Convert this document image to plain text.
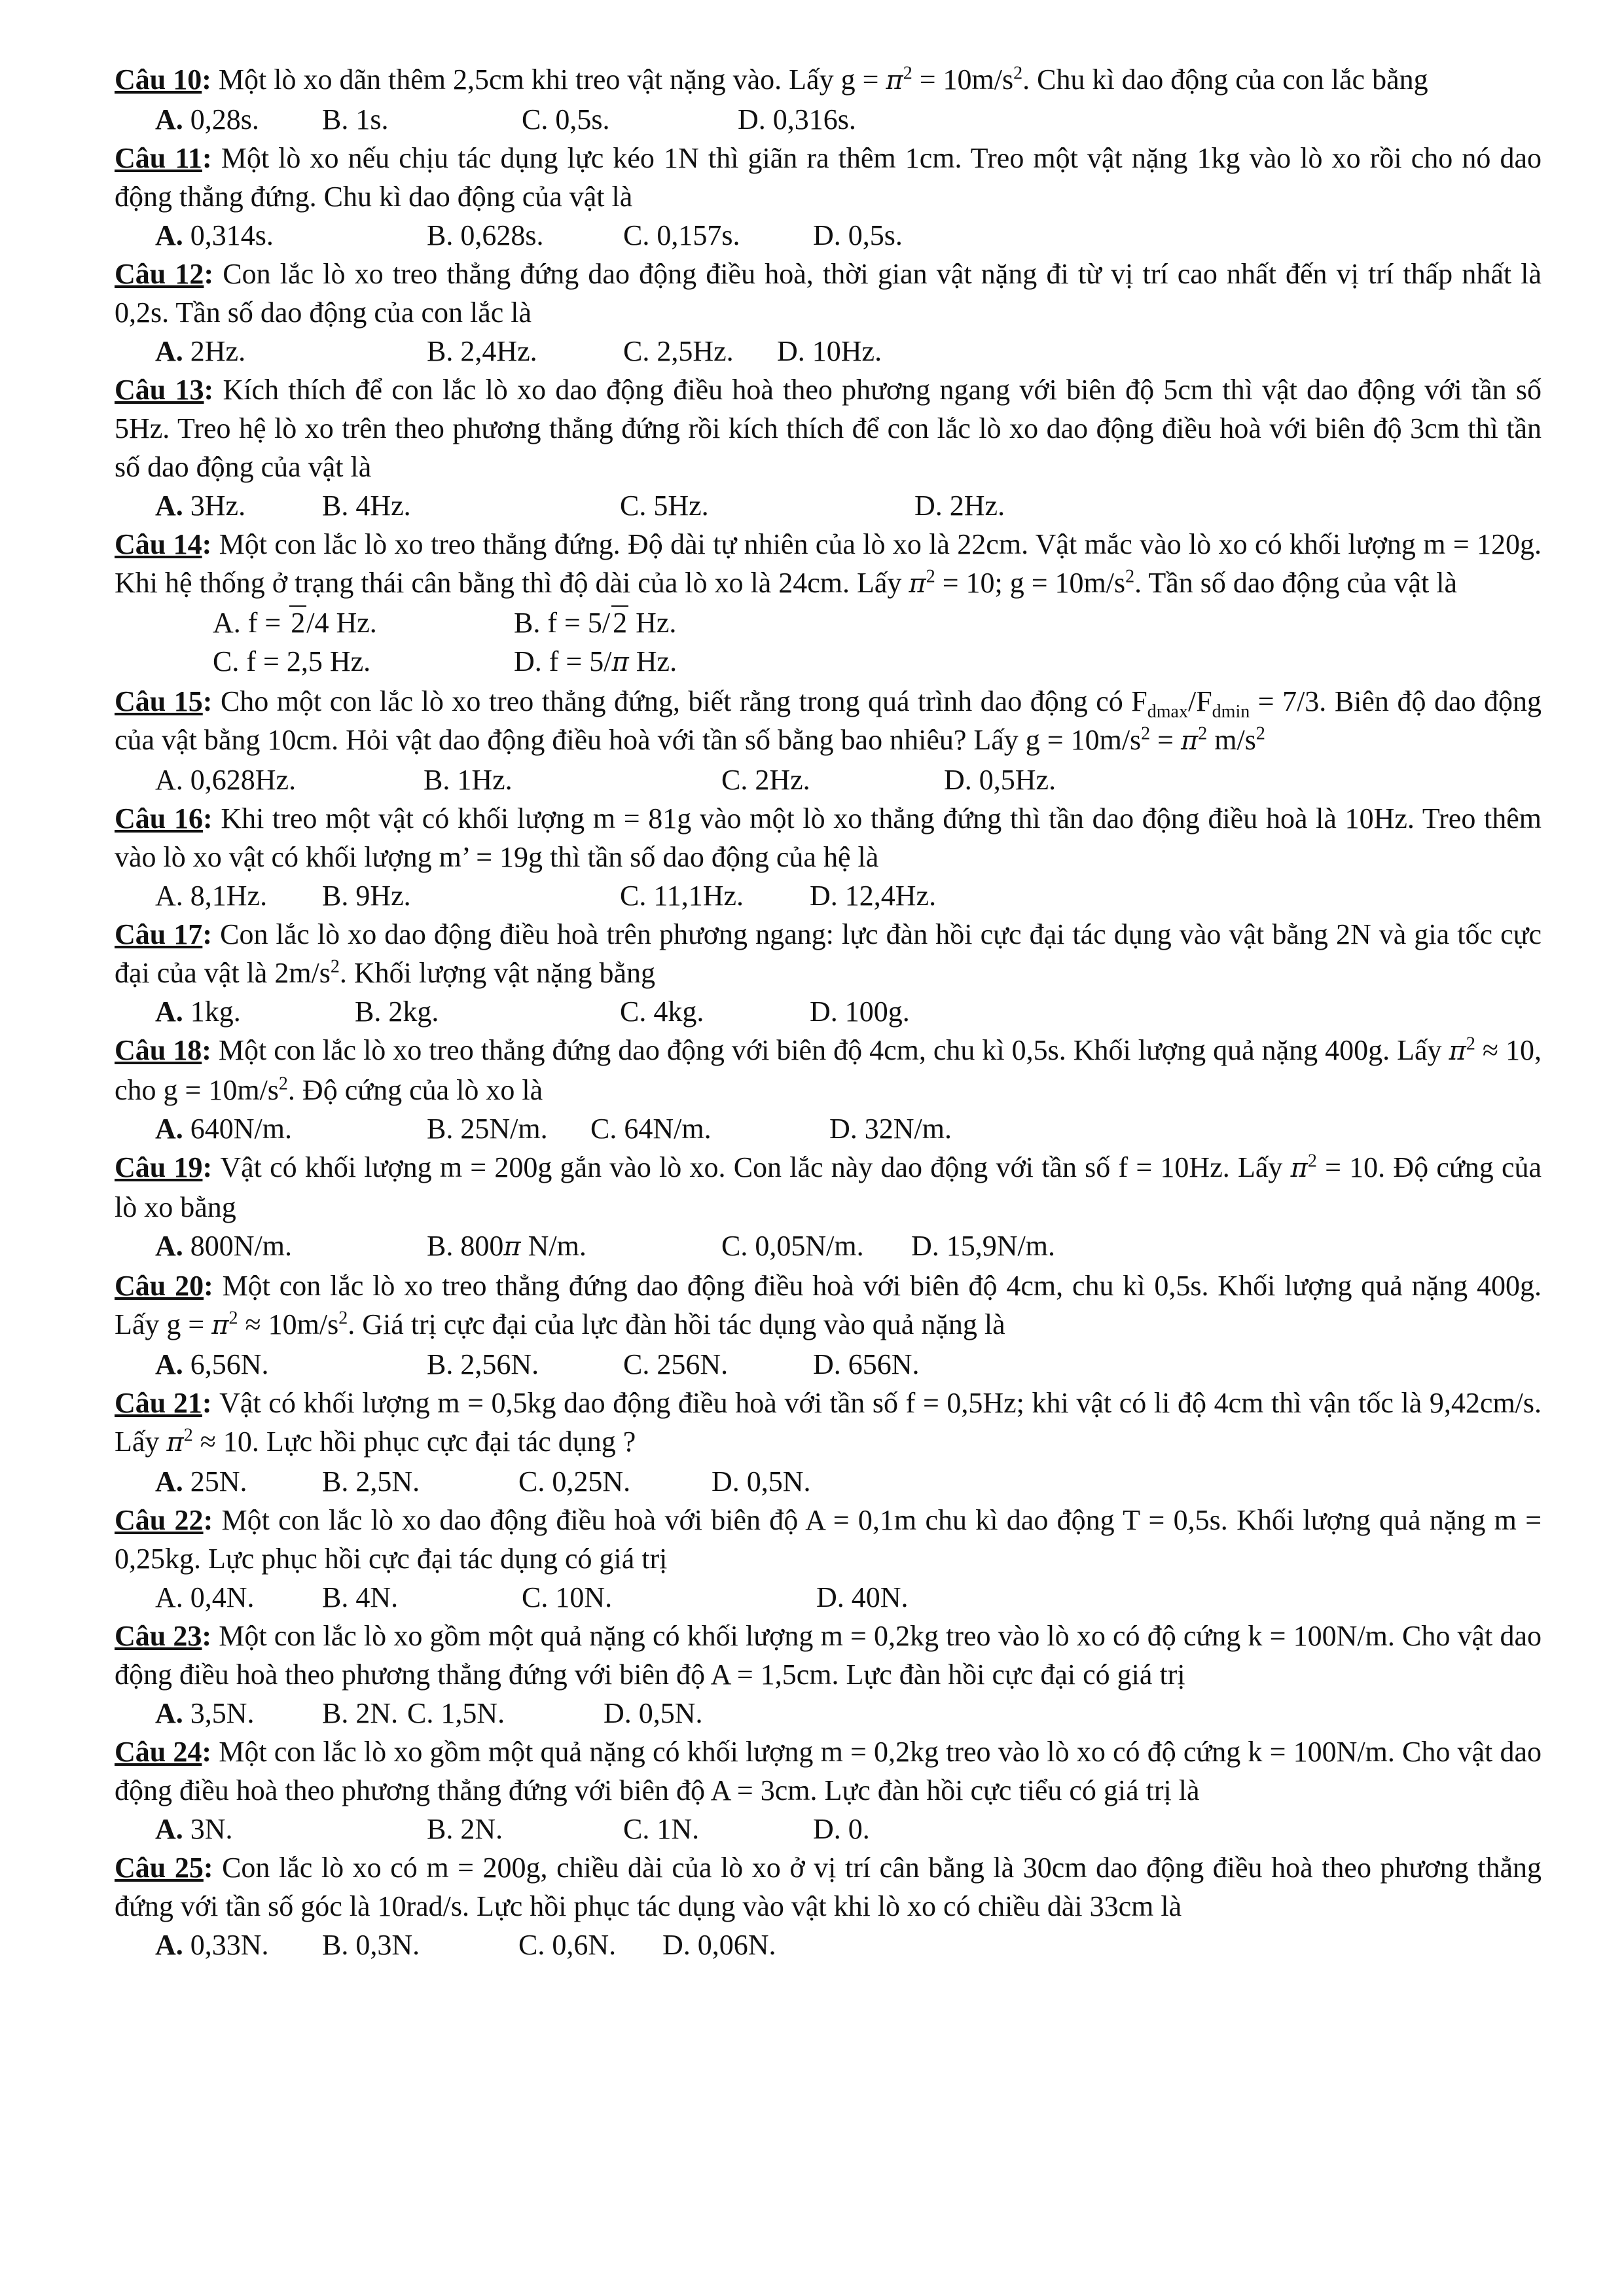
Câu 10: Một lò xo dãn thêm 2,5cm khi treo vật nặng vào. Lấy $g = \pi^2 = 10m/s^2$. Chu kì dao động của con lắc bằng
A. 0,28s.	B. 1s.	C. 0,5s.	D. 0,316s.
Câu 11: Một lò xo nếu chịu tác dụng lực kéo 1N thì giãn ra thêm 1cm. Treo một vật nặng 1kg vào lò xo rồi cho nó dao động thẳng đứng. Chu kì dao động của vật là
A. 0,314s.	B. 0,628s.	C. 0,157s.	D. 0,5s.
Câu 12: Con lắc lò xo treo thẳng đứng dao động điều hoà, thời gian vật nặng đi từ vị trí cao nhất đến vị trí thấp nhất là 0,2s. Tần số dao động của con lắc là
A. 2Hz.	B. 2,4Hz.	C. 2,5Hz.	D. 10Hz.
Câu 13: Kích thích để con lắc lò xo dao động điều hoà theo phương ngang với biên độ 5cm thì vật dao động với tần số 5Hz. Treo hệ lò xo trên theo phương thẳng đứng rồi kích thích để con lắc lò xo dao động điều hoà với biên độ 3cm thì tần số dao động của vật là
A. 3Hz.	B. 4Hz.	C. 5Hz.	D. 2Hz.
Câu 14: Một con lắc lò xo treo thẳng đứng. Độ dài tự nhiên của lò xo là 22cm. Vật mắc vào lò xo có khối lượng m = 120g. Khi hệ thống ở trạng thái cân bằng thì độ dài của lò xo là 24cm. Lấy $\pi^2 = 10$; $g = 10m/s^2$. Tần số dao động của vật là
A. f = 2/4 Hz.	B. f = 5/2 Hz.
C. f = 2,5 Hz.	D. f = 5/π Hz.
Câu 15: Cho một con lắc lò xo treo thẳng đứng, biết rằng trong quá trình dao động có $F_{dmax}/F_{dmin} = 7/3$. Biên độ dao động của vật bằng 10cm. Hỏi vật dao động điều hoà với tần số bằng bao nhiêu? Lấy $g = 10m/s^2 = \pi^2$ $m/s^2$
A. 0,628Hz.	B. 1Hz.	C. 2Hz.	D. 0,5Hz.
Câu 16: Khi treo một vật có khối lượng m = 81g vào một lò xo thẳng đứng thì tần dao động điều hoà là 10Hz. Treo thêm vào lò xo vật có khối lượng m’ = 19g thì tần số dao động của hệ là
A. 8,1Hz.	B. 9Hz.	C. 11,1Hz.	D. 12,4Hz.
Câu 17: Con lắc lò xo dao động điều hoà trên phương ngang: lực đàn hồi cực đại tác dụng vào vật bằng 2N và gia tốc cực đại của vật là $2m/s^2$. Khối lượng vật nặng bằng
A. 1kg.	B. 2kg.	C. 4kg.	D. 100g.
Câu 18: Một con lắc lò xo treo thẳng đứng dao động với biên độ 4cm, chu kì 0,5s. Khối lượng quả nặng 400g. Lấy $\pi^2 \approx 10$, cho $g = 10m/s^2$. Độ cứng của lò xo là
A. 640N/m.	B. 25N/m.	C. 64N/m.	D. 32N/m.
Câu 19: Vật có khối lượng m = 200g gắn vào lò xo. Con lắc này dao động với tần số f = 10Hz. Lấy $\pi^2 = 10$. Độ cứng của lò xo bằng
A. 800N/m.	B. 800π N/m.	C. 0,05N/m.	D. 15,9N/m.
Câu 20: Một con lắc lò xo treo thẳng đứng dao động điều hoà với biên độ 4cm, chu kì 0,5s. Khối lượng quả nặng 400g. Lấy $g = \pi^2 \approx 10m/s^2$. Giá trị cực đại của lực đàn hồi tác dụng vào quả nặng là
A. 6,56N.	B. 2,56N.	C. 256N.	D. 656N.
Câu 21: Vật có khối lượng m = 0,5kg dao động điều hoà với tần số f = 0,5Hz; khi vật có li độ 4cm thì vận tốc là 9,42cm/s. Lấy $\pi^2 \approx 10$. Lực hồi phục cực đại tác dụng ?
A. 25N.	B. 2,5N.	C. 0,25N.	D. 0,5N.
Câu 22: Một con lắc lò xo dao động điều hoà với biên độ A = 0,1m chu kì dao động T = 0,5s. Khối lượng quả nặng m = 0,25kg. Lực phục hồi cực đại tác dụng có giá trị
A. 0,4N.	B. 4N.	C. 10N.	D. 40N.
Câu 23: Một con lắc lò xo gồm một quả nặng có khối lượng m = 0,2kg treo vào lò xo có độ cứng k = 100N/m. Cho vật dao động điều hoà theo phương thẳng đứng với biên độ A = 1,5cm. Lực đàn hồi cực đại có giá trị
A. 3,5N.	B. 2N. C. 1,5N.	D. 0,5N.
Câu 24: Một con lắc lò xo gồm một quả nặng có khối lượng m = 0,2kg treo vào lò xo có độ cứng k = 100N/m. Cho vật dao động điều hoà theo phương thẳng đứng với biên độ A = 3cm. Lực đàn hồi cực tiểu có giá trị là
A. 3N.	B. 2N.	C. 1N.	D. 0.
Câu 25: Con lắc lò xo có m = 200g, chiều dài của lò xo ở vị trí cân bằng là 30cm dao động điều hoà theo phương thẳng đứng với tần số góc là 10rad/s. Lực hồi phục tác dụng vào vật khi lò xo có chiều dài 33cm là
A. 0,33N.	B. 0,3N.	C. 0,6N.	D. 0,06N.
